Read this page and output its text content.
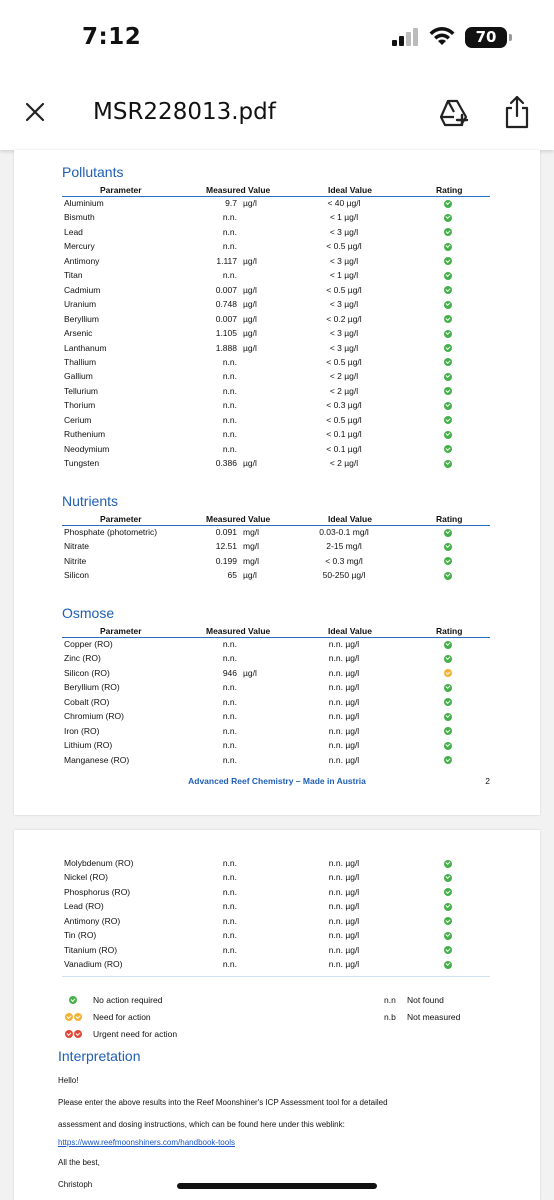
7:12	70
MSR228013.pdf
Advanced Reef Chemistry – Made in Austria	2
Pollutants
Parameter	Measured Value	Ideal Value	Rating
Aluminium	9.7 µg/l	< 40 µg/l
Bismuth	n.n.	< 1 µg/l
Lead	n.n.	< 3 µg/l
Mercury	n.n.	< 0.5 µg/l
Antimony	1.117 µg/l	< 3 µg/l
Titan	n.n.	< 1 µg/l
Cadmium	0.007 µg/l	< 0.5 µg/l
Uranium	0.748 µg/l	< 3 µg/l
Beryllium	0.007 µg/l	< 0.2 µg/l
Arsenic	1.105 µg/l	< 3 µg/l
Lanthanum	1.888 µg/l	< 3 µg/l
Thallium	n.n.	< 0.5 µg/l
Gallium	n.n.	< 2 µg/l
Tellurium	n.n.	< 2 µg/l
Thorium	n.n.	< 0.3 µg/l
Cerium	n.n.	< 0.5 µg/l
Ruthenium	n.n.	< 0.1 µg/l
Neodymium	n.n.	< 0.1 µg/l
Tungsten	0.386 µg/l	< 2 µg/l
Nutrients
Parameter	Measured Value	Ideal Value	Rating
Phosphate (photometric)	0.091 mg/l	0.03-0.1 mg/l
Nitrate	12.51 mg/l	2-15 mg/l
Nitrite	0.199 mg/l	< 0.3 mg/l
Silicon	65 µg/l	50-250 µg/l
Osmose
Parameter	Measured Value	Ideal Value	Rating
Copper (RO)	n.n.	n.n. µg/l
Zinc (RO)	n.n.	n.n. µg/l
Silicon (RO)	946 µg/l	n.n. µg/l
Beryllium (RO)	n.n.	n.n. µg/l
Cobalt (RO)	n.n.	n.n. µg/l
Chromium (RO)	n.n.	n.n. µg/l
Iron (RO)	n.n.	n.n. µg/l
Lithium (RO)	n.n.	n.n. µg/l
Manganese (RO)	n.n.	n.n. µg/l
No action required
Need for action
Urgent need for action
n.n Not found
n.b Not measured
Interpretation
Hello!
Please enter the above results into the Reef Moonshiner's ICP Assessment tool for a detailed
assessment and dosing instructions, which can be found here under this weblink:
https://www.reefmoonshiners.com/handbook-tools
All the best,
Christoph
Molybdenum (RO)	n.n.	n.n. µg/l
Nickel (RO)	n.n.	n.n. µg/l
Phosphorus (RO)	n.n.	n.n. µg/l
Lead (RO)	n.n.	n.n. µg/l
Antimony (RO)	n.n.	n.n. µg/l
Tin (RO)	n.n.	n.n. µg/l
Titanium (RO)	n.n.	n.n. µg/l
Vanadium (RO)	n.n.	n.n. µg/l
